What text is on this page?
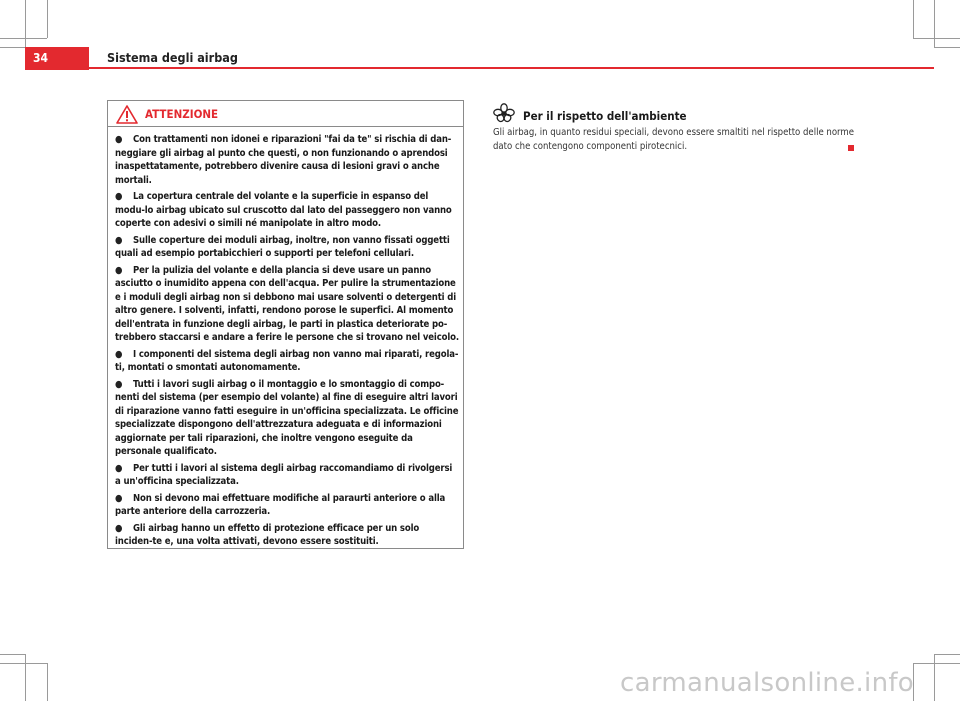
34	Sistema degli airbag
ATTENZIONE
● Con trattamenti non idonei e riparazioni "fai da te" si rischia di dan-neggiare gli airbag al punto che questi, o non funzionando o aprendosi inaspettatamente, potrebbero divenire causa di lesioni gravi o anche mortali.
● La copertura centrale del volante e la superficie in espanso del modu-lo airbag ubicato sul cruscotto dal lato del passeggero non vanno coperte con adesivi o simili né manipolate in altro modo.
● Sulle coperture dei moduli airbag, inoltre, non vanno fissati oggetti quali ad esempio portabicchieri o supporti per telefoni cellulari.
● Per la pulizia del volante e della plancia si deve usare un panno asciutto o inumidito appena con dell'acqua. Per pulire la strumentazione e i moduli degli airbag non si debbono mai usare solventi o detergenti di altro genere. I solventi, infatti, rendono porose le superfici. Al momento dell'entrata in funzione degli airbag, le parti in plastica deteriorate po-trebbero staccarsi e andare a ferire le persone che si trovano nel veicolo.
● I componenti del sistema degli airbag non vanno mai riparati, regola-ti, montati o smontati autonomamente.
● Tutti i lavori sugli airbag o il montaggio e lo smontaggio di compo-nenti del sistema (per esempio del volante) al fine di eseguire altri lavori di riparazione vanno fatti eseguire in un'officina specializzata. Le officine specializzate dispongono dell'attrezzatura adeguata e di informazioni aggiornate per tali riparazioni, che inoltre vengono eseguite da personale qualificato.
● Per tutti i lavori al sistema degli airbag raccomandiamo di rivolgersi a un'officina specializzata.
● Non si devono mai effettuare modifiche al paraurti anteriore o alla parte anteriore della carrozzeria.
● Gli airbag hanno un effetto di protezione efficace per un solo inciden-te e, una volta attivati, devono essere sostituiti.
Per il rispetto dell'ambiente
Gli airbag, in quanto residui speciali, devono essere smaltiti nel rispetto delle norme dato che contengono componenti pirotecnici.
carmanualsonline.info
